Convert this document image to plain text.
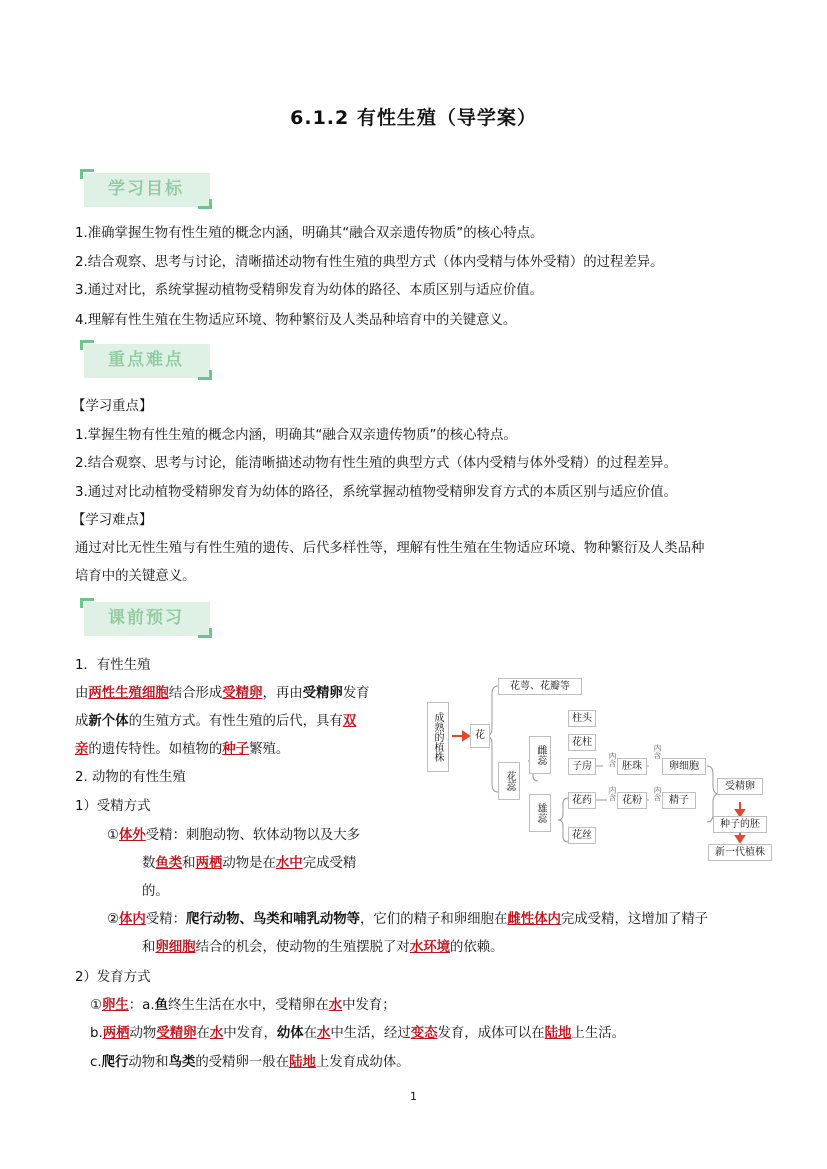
6.1.2 有性生殖（导学案）
学习目标
1.准确掌握生物有性生殖的概念内涵，明确其“融合双亲遗传物质”的核心特点。
2.结合观察、思考与讨论，清晰描述动物有性生殖的典型方式（体内受精与体外受精）的过程差异。
3.通过对比，系统掌握动植物受精卵发育为幼体的路径、本质区别与适应价值。
4.理解有性生殖在生物适应环境、物种繁衍及人类品种培育中的关键意义。
重点难点
【学习重点】
1.掌握生物有性生殖的概念内涵，明确其“融合双亲遗传物质”的核心特点。
2.结合观察、思考与讨论，能清晰描述动物有性生殖的典型方式（体内受精与体外受精）的过程差异。
3.通过对比动植物受精卵发育为幼体的路径，系统掌握动植物受精卵发育方式的本质区别与适应价值。
【学习难点】
通过对比无性生殖与有性生殖的遗传、后代多样性等，理解有性生殖在生物适应环境、物种繁衍及人类品种
培育中的关键意义。
课前预习
1．有性生殖
由两性生殖细胞结合形成受精卵，再由受精卵发育
成新个体的生殖方式。有性生殖的后代，具有双
亲的遗传特性。如植物的种子繁殖。
2. 动物的有性生殖
1）受精方式
①体外受精：刺胞动物、软体动物以及大多
数鱼类和两栖动物是在水中完成受精
的。
②体内受精：爬行动物、鸟类和哺乳动物等，它们的精子和卵细胞在雌性体内完成受精，这增加了精子
和卵细胞结合的机会，使动物的生殖摆脱了对水环境的依赖。
2）发育方式
①卵生：a.鱼终生生活在水中，受精卵在水中发育；
b.两栖动物受精卵在水中发育，幼体在水中生活，经过变态发育，成体可以在陆地上生活。
c.爬行动物和鸟类的受精卵一般在陆地上发育成幼体。
成熟的植株	花
花萼、花瓣等
花蕊
雌蕊
雄蕊
柱头
花柱
子房	内含 胚珠
内含
卵细胞
花药	内含 花粉	内含 精子
花丝
受精卵
种子的胚
新一代植株
1
